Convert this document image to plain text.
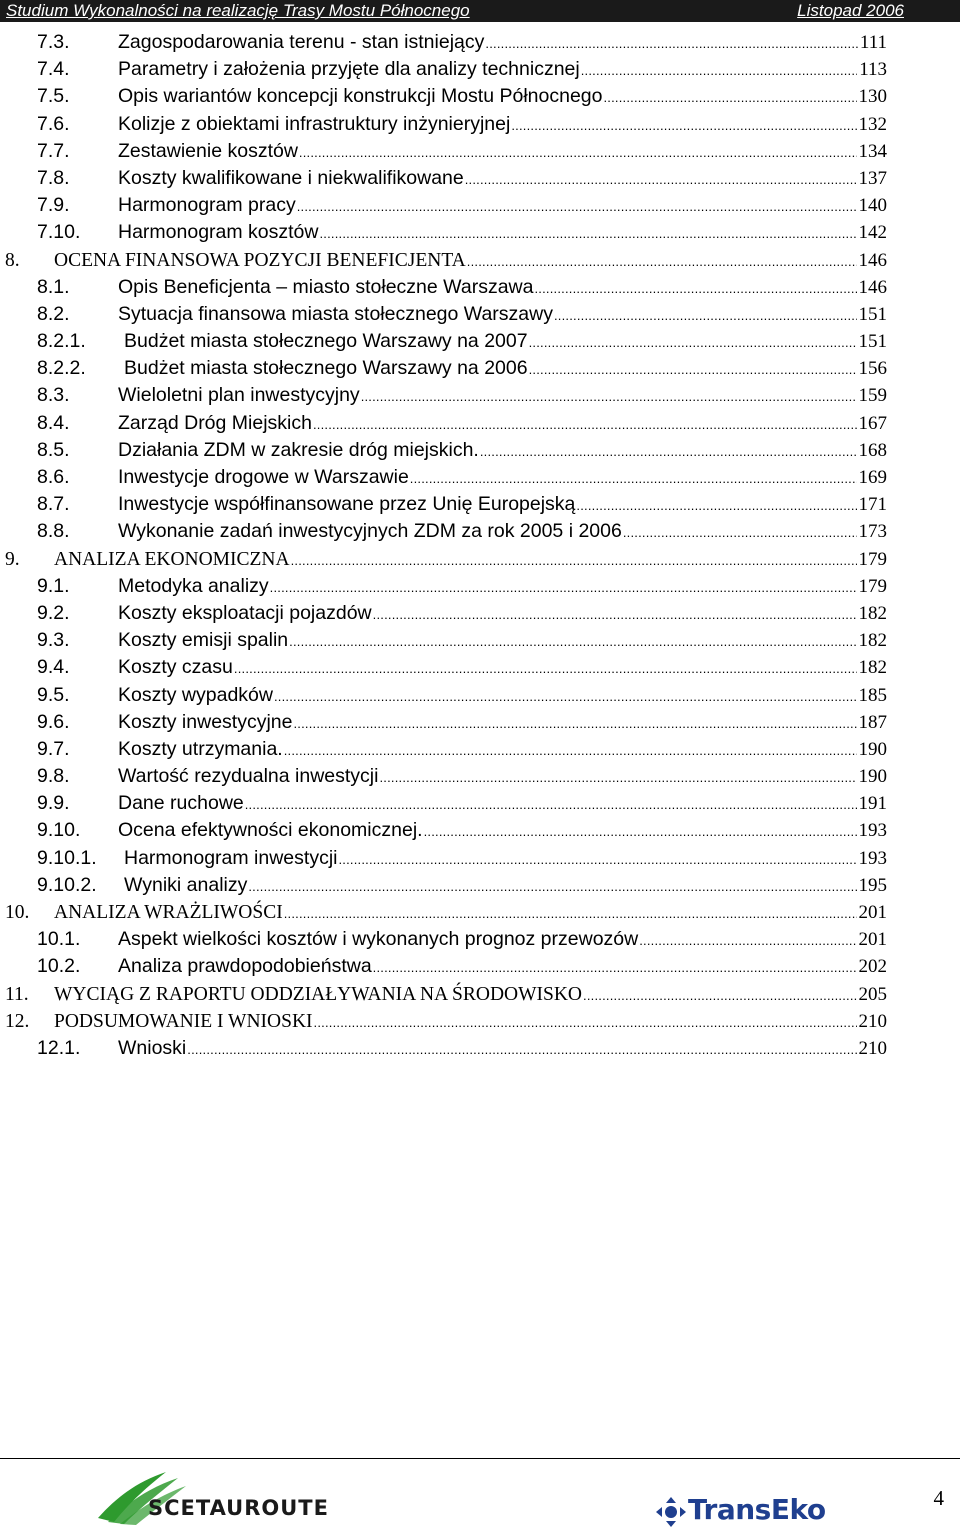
Studium Wykonalności na realizację Trasy Mostu Północnego	Listopad 2006
7.3. Zagospodarowania terenu - stan istniejący .....	111
7.4. Parametry i założenia przyjęte dla analizy technicznej .....	113
7.5. Opis wariantów koncepcji konstrukcji Mostu Północnego .....	130
7.6. Kolizje z obiektami infrastruktury inżynieryjnej .....	132
7.7. Zestawienie kosztów .....	134
7.8. Koszty kwalifikowane i niekwalifikowane .....	137
7.9. Harmonogram pracy .....	140
7.10. Harmonogram kosztów .....	142
8. OCENA FINANSOWA POZYCJI BENEFICJENTA .....	146
8.1. Opis Beneficjenta – miasto stołeczne Warszawa .....	146
8.2. Sytuacja finansowa miasta stołecznego Warszawy .....	151
8.2.1. Budżet miasta stołecznego Warszawy na 2007 .....	151
8.2.2. Budżet miasta stołecznego Warszawy na 2006 .....	156
8.3. Wieloletni plan inwestycyjny .....	159
8.4. Zarząd Dróg Miejskich .....	167
8.5. Działania ZDM w zakresie dróg miejskich. .....	168
8.6. Inwestycje drogowe w Warszawie .....	169
8.7. Inwestycje współfinansowane przez Unię Europejską .....	171
8.8. Wykonanie zadań inwestycyjnych ZDM za rok 2005 i 2006 .....	173
9. ANALIZA EKONOMICZNA .....	179
9.1. Metodyka analizy .....	179
9.2. Koszty eksploatacji pojazdów .....	182
9.3. Koszty emisji spalin .....	182
9.4. Koszty czasu .....	182
9.5. Koszty wypadków .....	185
9.6. Koszty inwestycyjne .....	187
9.7. Koszty utrzymania. .....	190
9.8. Wartość rezydualna inwestycji .....	190
9.9. Dane ruchowe .....	191
9.10. Ocena efektywności ekonomicznej. .....	193
9.10.1. Harmonogram inwestycji .....	193
9.10.2. Wyniki analizy .....	195
10. ANALIZA WRAŻLIWOŚCI .....	201
10.1. Aspekt wielkości kosztów i wykonanych prognoz przewozów .....	201
10.2. Analiza prawdopodobieństwa .....	202
11. WYCIĄG Z RAPORTU ODDZIAŁYWANIA NA ŚRODOWISKO .....	205
12. PODSUMOWANIE I WNIOSKI .....	210
12.1. Wnioski .....	210
SCETAUROUTE	TransEko	4
